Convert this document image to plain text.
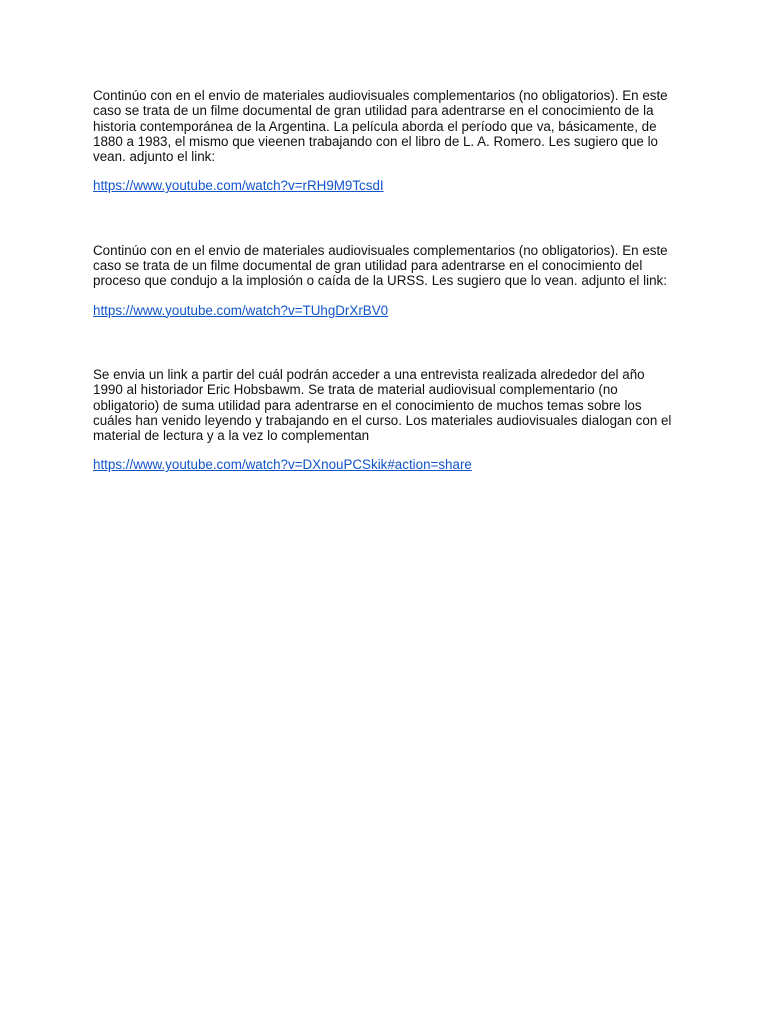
Continúo con en el envio de materiales audiovisuales complementarios (no obligatorios). En este caso se trata de un filme documental de gran utilidad para adentrarse en el conocimiento de la historia contemporánea de la Argentina. La película aborda el período que va, básicamente, de 1880 a 1983, el mismo que vieenen trabajando con el libro de L. A. Romero. Les sugiero que lo vean. adjunto el link:

https://www.youtube.com/watch?v=rRH9M9TcsdI

Continúo con en el envio de materiales audiovisuales complementarios (no obligatorios). En este caso se trata de un filme documental de gran utilidad para adentrarse en el conocimiento del proceso que condujo a la implosión o caída de la URSS. Les sugiero que lo vean. adjunto el link:

https://www.youtube.com/watch?v=TUhgDrXrBV0

Se envia un link a partir del cuál podrán acceder a una entrevista realizada alrededor del año 1990 al historiador Eric Hobsbawm. Se trata de material audiovisual complementario (no obligatorio) de suma utilidad para adentrarse en el conocimiento de muchos temas sobre los cuáles han venido leyendo y trabajando en el curso. Los materiales audiovisuales dialogan con el material de lectura y a la vez lo complementan

https://www.youtube.com/watch?v=DXnouPCSkik#action=share
